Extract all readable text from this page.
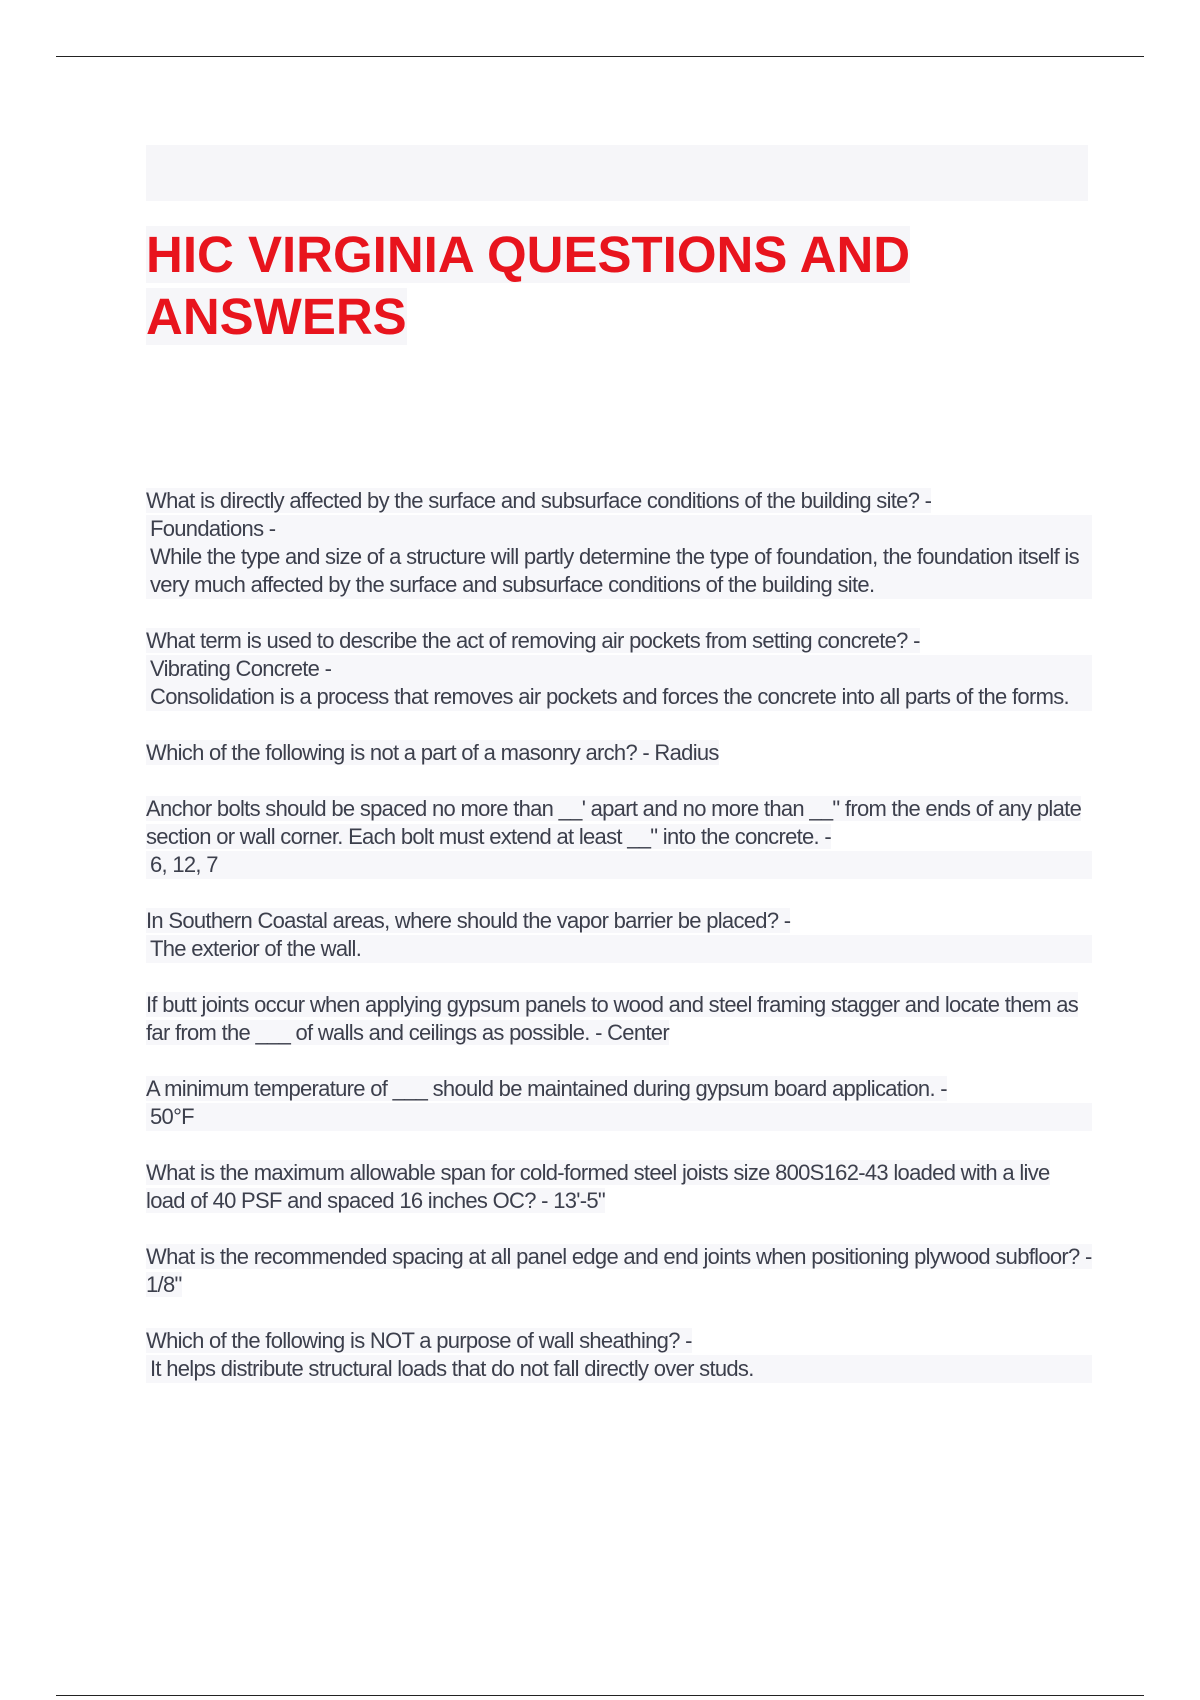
HIC VIRGINIA QUESTIONS AND
ANSWERS

What is directly affected by the surface and subsurface conditions of the building site? -
Foundations -
While the type and size of a structure will partly determine the type of foundation, the foundation itself is very much affected by the surface and subsurface conditions of the building site.

What term is used to describe the act of removing air pockets from setting concrete? -
Vibrating Concrete -
Consolidation is a process that removes air pockets and forces the concrete into all parts of the forms.

Which of the following is not a part of a masonry arch? - Radius

Anchor bolts should be spaced no more than __' apart and no more than __" from the ends of any plate section or wall corner. Each bolt must extend at least __" into the concrete. -
6, 12, 7

In Southern Coastal areas, where should the vapor barrier be placed? -
The exterior of the wall.

If butt joints occur when applying gypsum panels to wood and steel framing stagger and locate them as far from the ___ of walls and ceilings as possible. - Center

A minimum temperature of ___ should be maintained during gypsum board application. -
50°F

What is the maximum allowable span for cold-formed steel joists size 800S162-43 loaded with a live load of 40 PSF and spaced 16 inches OC? - 13'-5"

What is the recommended spacing at all panel edge and end joints when positioning plywood subfloor? - 1/8"

Which of the following is NOT a purpose of wall sheathing? -
It helps distribute structural loads that do not fall directly over studs.
